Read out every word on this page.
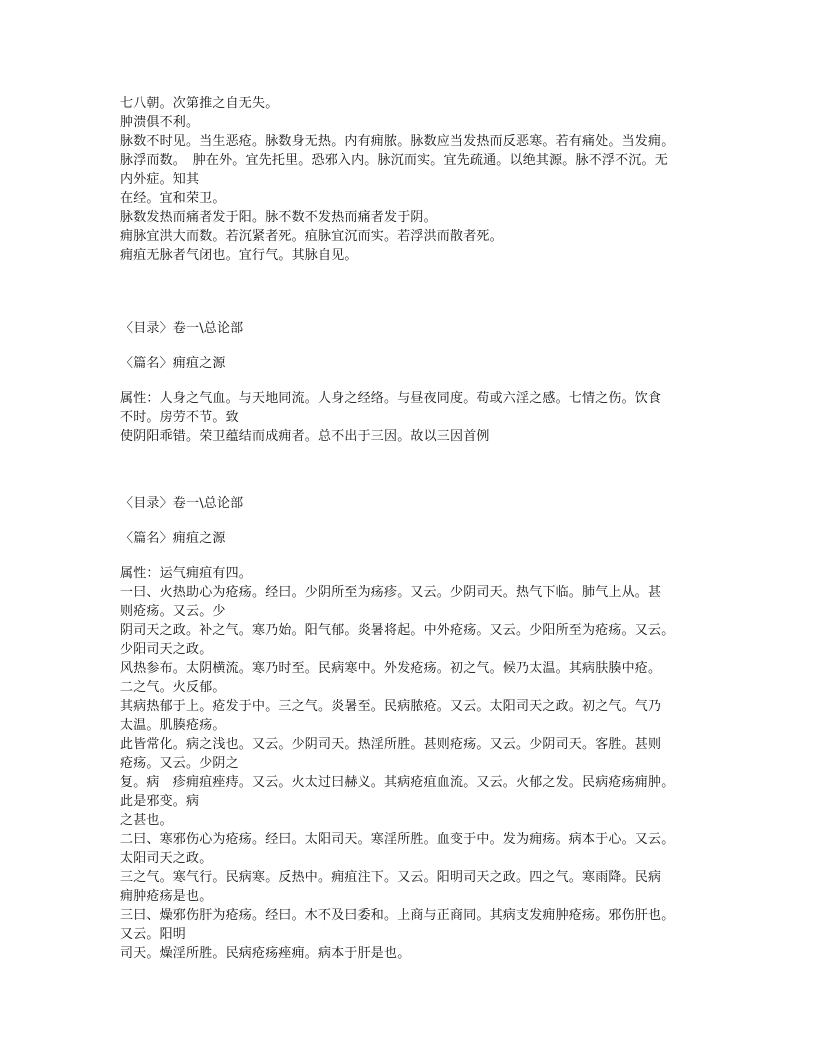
七八朝。次第推之自无失。
肿溃俱不利。
脉数不时见。当生恶疮。脉数身无热。内有痈脓。脉数应当发热而反恶寒。若有痛处。当发痈。
脉浮而数。　肿在外。宜先托里。恐邪入内。脉沉而实。宜先疏通。以绝其源。脉不浮不沉。无
内外症。知其
在经。宜和荣卫。
脉数发热而痛者发于阳。脉不数不发热而痛者发于阴。
痈脉宜洪大而数。若沉紧者死。疽脉宜沉而实。若浮洪而散者死。
痈疽无脉者气闭也。宜行气。其脉自见。
〈目录〉卷一\总论部
〈篇名〉痈疽之源
属性：人身之气血。与天地同流。人身之经络。与昼夜同度。苟或六淫之感。七情之伤。饮食
不时。房劳不节。致
使阴阳乖错。荣卫蕴结而成痈者。总不出于三因。故以三因首例
〈目录〉卷一\总论部
〈篇名〉痈疽之源
属性：运气痈疽有四。
一曰、火热助心为疮疡。经曰。少阴所至为疡疹。又云。少阴司天。热气下临。肺气上从。甚
则疮疡。又云。少
阴司天之政。补之气。寒乃始。阳气郁。炎暑将起。中外疮疡。又云。少阳所至为疮疡。又云。
少阳司天之政。
风热参布。太阴横流。寒乃时至。民病寒中。外发疮疡。初之气。候乃太温。其病肤腠中疮。
二之气。火反郁。
其病热郁于上。疮发于中。三之气。炎暑至。民病脓疮。又云。太阳司天之政。初之气。气乃
太温。肌腠疮疡。
此皆常化。病之浅也。又云。少阴司天。热淫所胜。甚则疮疡。又云。少阴司天。客胜。甚则
疮疡。又云。少阴之
复。病　疹痈疽痤痔。又云。火太过曰赫义。其病疮疽血流。又云。火郁之发。民病疮疡痈肿。
此是邪变。病
之甚也。
二曰、寒邪伤心为疮疡。经曰。太阳司天。寒淫所胜。血变于中。发为痈疡。病本于心。又云。
太阳司天之政。
三之气。寒气行。民病寒。反热中。痈疽注下。又云。阳明司天之政。四之气。寒雨降。民病
痈肿疮疡是也。
三曰、燥邪伤肝为疮疡。经曰。木不及曰委和。上商与正商同。其病支发痈肿疮疡。邪伤肝也。
又云。阳明
司天。燥淫所胜。民病疮疡痤痈。病本于肝是也。
